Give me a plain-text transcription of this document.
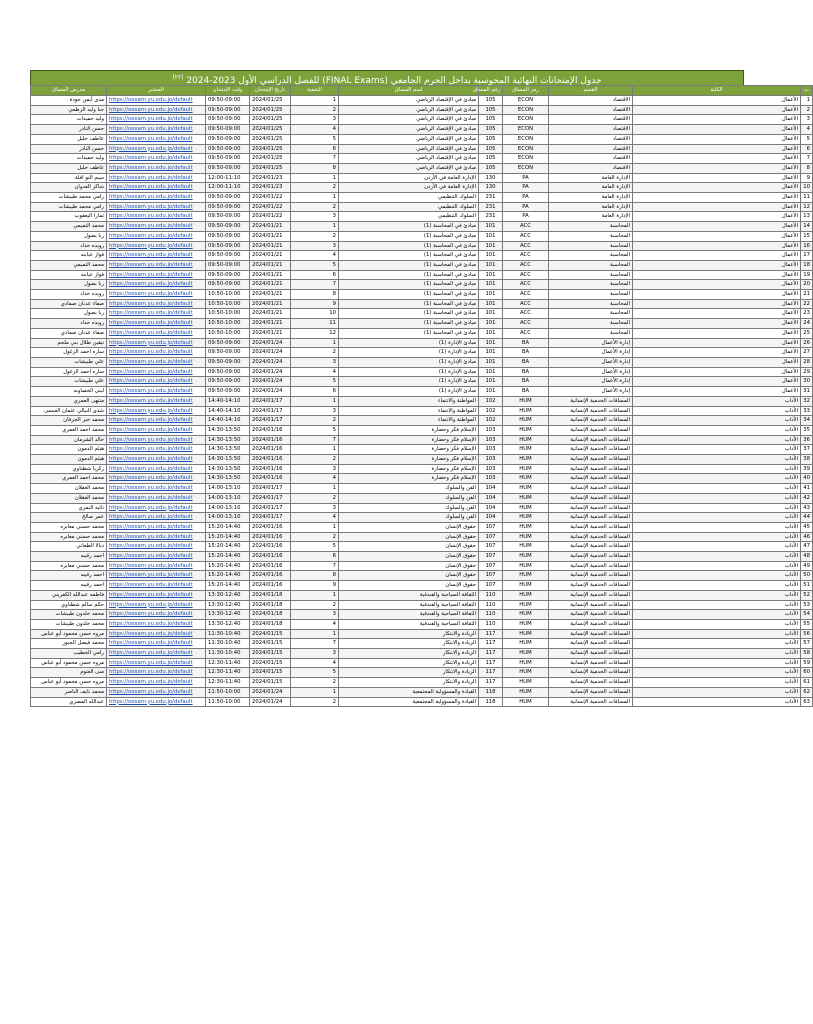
جدول الإمتحانات النهائية المحوسبة بداخل الحرم الجامعي (FINAL Exams) للفصل الدراسي الأول 2023-2024 $^{(٢٢)}$
ت	الكلية	القسم	رمز المساق	رقم المساق	اسم المساق	الشعبة	تاريخ الإمتحان	وقت الإمتحان	المختبر	مدرس المساق
1	الأعمال	الاقتصاد	ECON	105	مبادئ في الإقتصاد الرياضي	1	2024/01/25	09:50-09:00	https://oexam.yu.edu.jo/default	مدى أيمن جودة
2	الأعمال	الاقتصاد	ECON	105	مبادئ في الإقتصاد الرياضي	2	2024/01/25	09:50-09:00	https://oexam.yu.edu.jo/default	جنا وليد الرطعي
3	الأعمال	الاقتصاد	ECON	105	مبادئ في الإقتصاد الرياضي	3	2024/01/25	09:50-09:00	https://oexam.yu.edu.jo/default	وليد حميدات
4	الأعمال	الاقتصاد	ECON	105	مبادئ في الإقتصاد الرياضي	4	2024/01/25	09:50-09:00	https://oexam.yu.edu.jo/default	حسن النادر
5	الأعمال	الاقتصاد	ECON	105	مبادئ في الإقتصاد الرياضي	5	2024/01/25	09:50-09:00	https://oexam.yu.edu.jo/default	عاطف خليل
6	الأعمال	الاقتصاد	ECON	105	مبادئ في الإقتصاد الرياضي	6	2024/01/25	09:50-09:00	https://oexam.yu.edu.jo/default	حسن النادر
7	الأعمال	الاقتصاد	ECON	105	مبادئ في الإقتصاد الرياضي	7	2024/01/25	09:50-09:00	https://oexam.yu.edu.jo/default	وليد حميدات
8	الأعمال	الاقتصاد	ECON	105	مبادئ في الإقتصاد الرياضي	8	2024/01/25	09:50-09:00	https://oexam.yu.edu.jo/default	عاطف خليل
9	الأعمال	الإدارة العامة	PA	130	الإدارة العامة في الأردن	1	2024/01/23	12:00-11:10	https://oexam.yu.edu.jo/default	سيم النو افلة
10	الأعمال	الإدارة العامة	PA	130	الإدارة العامة في الأردن	2	2024/01/23	12:00-11:10	https://oexam.yu.edu.jo/default	شاكر العدوان
11	الأعمال	الإدارة العامة	PA	231	السلوك التنظيمي	1	2024/01/22	09:50-09:00	https://oexam.yu.edu.jo/default	رامي محمد طبيشات
12	الأعمال	الإدارة العامة	PA	231	السلوك التنظيمي	2	2024/01/22	09:50-09:00	https://oexam.yu.edu.jo/default	رامي محمد طبيشات
13	الأعمال	الإدارة العامة	PA	231	السلوك التنظيمي	3	2024/01/22	09:50-09:00	https://oexam.yu.edu.jo/default	تمارا اليعقوب
14	الأعمال	المحاسبة	ACC	101	مبادئ في المحاسبة (1)	1	2024/01/21	09:50-09:00	https://oexam.yu.edu.jo/default	محمد التميمي
15	الأعمال	المحاسبة	ACC	101	مبادئ في المحاسبة (1)	2	2024/01/21	09:50-09:00	https://oexam.yu.edu.jo/default	ربا بصول
16	الأعمال	المحاسبة	ACC	101	مبادئ في المحاسبة (1)	3	2024/01/21	09:50-09:00	https://oexam.yu.edu.jo/default	رويده حداد
17	الأعمال	المحاسبة	ACC	101	مبادئ في المحاسبة (1)	4	2024/01/21	09:50-09:00	https://oexam.yu.edu.jo/default	فواز عبابنه
18	الأعمال	المحاسبة	ACC	101	مبادئ في المحاسبة (1)	5	2024/01/21	09:50-09:00	https://oexam.yu.edu.jo/default	محمد التميمي
19	الأعمال	المحاسبة	ACC	101	مبادئ في المحاسبة (1)	6	2024/01/21	09:50-09:00	https://oexam.yu.edu.jo/default	فواز عبابنه
20	الأعمال	المحاسبة	ACC	101	مبادئ في المحاسبة (1)	7	2024/01/21	09:50-09:00	https://oexam.yu.edu.jo/default	ربا بصول
21	الأعمال	المحاسبة	ACC	101	مبادئ في المحاسبة (1)	8	2024/01/21	10:50-10:00	https://oexam.yu.edu.jo/default	رويده حداد
22	الأعمال	المحاسبة	ACC	101	مبادئ في المحاسبة (1)	9	2024/01/21	10:50-10:00	https://oexam.yu.edu.jo/default	صفاء عدنان صمادي
23	الأعمال	المحاسبة	ACC	101	مبادئ في المحاسبة (1)	10	2024/01/21	10:50-10:00	https://oexam.yu.edu.jo/default	ربا بصول
24	الأعمال	المحاسبة	ACC	101	مبادئ في المحاسبة (1)	11	2024/01/21	10:50-10:00	https://oexam.yu.edu.jo/default	رويده حداد
25	الأعمال	المحاسبة	ACC	101	مبادئ في المحاسبة (1)	12	2024/01/21	10:50-10:00	https://oexam.yu.edu.jo/default	صفاء عدنان صمادي
26	الأعمال	إدارة الأعمال	BA	101	مبادئ الإدارة (1)	1	2024/01/24	09:50-09:00	https://oexam.yu.edu.jo/default	تيقين طلال بني ملحم
27	الأعمال	إدارة الأعمال	BA	101	مبادئ الإدارة (1)	2	2024/01/24	09:50-09:00	https://oexam.yu.edu.jo/default	ساره احمد الزغول
28	الأعمال	إدارة الأعمال	BA	101	مبادئ الإدارة (1)	3	2024/01/24	09:50-09:00	https://oexam.yu.edu.jo/default	علي طبيشات
29	الأعمال	إدارة الأعمال	BA	101	مبادئ الإدارة (1)	4	2024/01/24	09:50-09:00	https://oexam.yu.edu.jo/default	ساره احمد الزغول
30	الأعمال	إدارة الأعمال	BA	101	مبادئ الإدارة (1)	5	2024/01/24	09:50-09:00	https://oexam.yu.edu.jo/default	علي طبيشات
31	الأعمال	إدارة الأعمال	BA	101	مبادئ الإدارة (1)	6	2024/01/24	09:50-09:00	https://oexam.yu.edu.jo/default	لبنى الخصاونه
32	الآداب	المساقات الخدمية الإنسانية	HUM	102	المواطنة والانتماء	1	2024/01/17	14:40-14:10	https://oexam.yu.edu.jo/default	منتهى العمري
33	الآداب	المساقات الخدمية الإنسانية	HUM	102	المواطنة والانتماء	3	2024/01/17	14:40-14:10	https://oexam.yu.edu.jo/default	شذى النيالي عثمان العيسى
34	الآداب	المساقات الخدمية الإنسانية	HUM	102	المواطنة والانتماء	2	2024/01/17	14:40-14:10	https://oexam.yu.edu.jo/default	محمد خير الجرفان
35	الآداب	المساقات الخدمية الإنسانية	HUM	103	الإسلام فكر وحضارة	5	2024/01/16	14:30-13:50	https://oexam.yu.edu.jo/default	محمد احمد العمري
36	الآداب	المساقات الخدمية الإنسانية	HUM	103	الإسلام فكر وحضارة	7	2024/01/16	14:30-13:50	https://oexam.yu.edu.jo/default	خالد الشرمان
37	الآداب	المساقات الخدمية الإنسانية	HUM	103	الإسلام فكر وحضارة	1	2024/01/16	14:30-13:50	https://oexam.yu.edu.jo/default	هيثم الدمون
38	الآداب	المساقات الخدمية الإنسانية	HUM	103	الإسلام فكر وحضارة	2	2024/01/16	14:30-13:50	https://oexam.yu.edu.jo/default	هيثم الدمون
39	الآداب	المساقات الخدمية الإنسانية	HUM	103	الإسلام فكر وحضارة	3	2024/01/16	14:30-13:50	https://oexam.yu.edu.jo/default	زكريا شطناوي
40	الآداب	المساقات الخدمية الإنسانية	HUM	103	الإسلام فكر وحضارة	4	2024/01/16	14:30-13:50	https://oexam.yu.edu.jo/default	محمد احمد العمري
41	الآداب	المساقات الخدمية الإنسانية	HUM	104	الفن والسلوك	1	2024/01/17	14:00-13:10	https://oexam.yu.edu.jo/default	محمد العقلان
42	الآداب	المساقات الخدمية الإنسانية	HUM	104	الفن والسلوك	2	2024/01/17	14:00-13:10	https://oexam.yu.edu.jo/default	محمد العقلان
43	الآداب	المساقات الخدمية الإنسانية	HUM	104	الفن والسلوك	3	2024/01/17	14:00-13:10	https://oexam.yu.edu.jo/default	نائيه النمري
44	الآداب	المساقات الخدمية الإنسانية	HUM	104	الفن والسلوك	4	2024/01/17	14:00-13:10	https://oexam.yu.edu.jo/default	عمر صالح
45	الآداب	المساقات الخدمية الإنسانية	HUM	107	حقوق الإنسان	1	2024/01/16	15:20-14:40	https://oexam.yu.edu.jo/default	محمد حسني معابره
46	الآداب	المساقات الخدمية الإنسانية	HUM	107	حقوق الإنسان	2	2024/01/16	15:20-14:40	https://oexam.yu.edu.jo/default	محمد حسني معابره
47	الآداب	المساقات الخدمية الإنسانية	HUM	107	حقوق الإنسان	5	2024/01/16	15:20-14:40	https://oexam.yu.edu.jo/default	ديالا الطعاني
48	الآداب	المساقات الخدمية الإنسانية	HUM	107	حقوق الإنسان	6	2024/01/16	15:20-14:40	https://oexam.yu.edu.jo/default	احمد رقيبه
49	الآداب	المساقات الخدمية الإنسانية	HUM	107	حقوق الإنسان	7	2024/01/16	15:20-14:40	https://oexam.yu.edu.jo/default	محمد حسني معابره
50	الآداب	المساقات الخدمية الإنسانية	HUM	107	حقوق الإنسان	8	2024/01/16	15:20-14:40	https://oexam.yu.edu.jo/default	احمد رقيبه
51	الآداب	المساقات الخدمية الإنسانية	HUM	107	حقوق الإنسان	9	2024/01/16	15:20-14:40	https://oexam.yu.edu.jo/default	احمد رقيبه
52	الآداب	المساقات الخدمية الإنسانية	HUM	110	الثقافة السياحية والفندقية	1	2024/01/18	13:30-12:40	https://oexam.yu.edu.jo/default	فاطمه عبدالله الكفريني
53	الآداب	المساقات الخدمية الإنسانية	HUM	110	الثقافة السياحية والفندقية	2	2024/01/18	13:30-12:40	https://oexam.yu.edu.jo/default	حكم سالم شطناوي
54	الآداب	المساقات الخدمية الإنسانية	HUM	110	الثقافة السياحية والفندقية	3	2024/01/18	13:30-12:40	https://oexam.yu.edu.jo/default	محمد خلدون طبيشات
55	الآداب	المساقات الخدمية الإنسانية	HUM	110	الثقافة السياحية والفندقية	4	2024/01/18	13:30-12:40	https://oexam.yu.edu.jo/default	محمد خلدون طبيشات
56	الآداب	المساقات الخدمية الإنسانية	HUM	117	الريادة والابتكار	1	2024/01/15	11:30-10:40	https://oexam.yu.edu.jo/default	مروه حسن محمود أبو عباس
57	الآداب	المساقات الخدمية الإنسانية	HUM	117	الريادة والابتكار	7	2024/01/15	11:30-10:40	https://oexam.yu.edu.jo/default	محمد فيصل الجبور
58	الآداب	المساقات الخدمية الإنسانية	HUM	117	الريادة والابتكار	3	2024/01/15	11:30-10:40	https://oexam.yu.edu.jo/default	رامي الخطيب
59	الآداب	المساقات الخدمية الإنسانية	HUM	117	الريادة والابتكار	4	2024/01/15	12:30-11:40	https://oexam.yu.edu.jo/default	مروه حسن محمود أبو عباس
60	الآداب	المساقات الخدمية الإنسانية	HUM	117	الريادة والابتكار	5	2024/01/15	12:30-11:40	https://oexam.yu.edu.jo/default	منى العتوم
61	الآداب	المساقات الخدمية الإنسانية	HUM	117	الريادة والابتكار	2	2024/01/15	12:30-11:40	https://oexam.yu.edu.jo/default	مروه حسن محمود أبو عباس
62	الآداب	المساقات الخدمية الإنسانية	HUM	118	القيادة والمسؤولية المجتمعية	1	2024/01/24	11:50-10:00	https://oexam.yu.edu.jo/default	محمد نايف الناصر
63	الآداب	المساقات الخدمية الإنسانية	HUM	118	القيادة والمسؤولية المجتمعية	2	2024/01/24	11:50-10:00	https://oexam.yu.edu.jo/default	عبدالله المصري
